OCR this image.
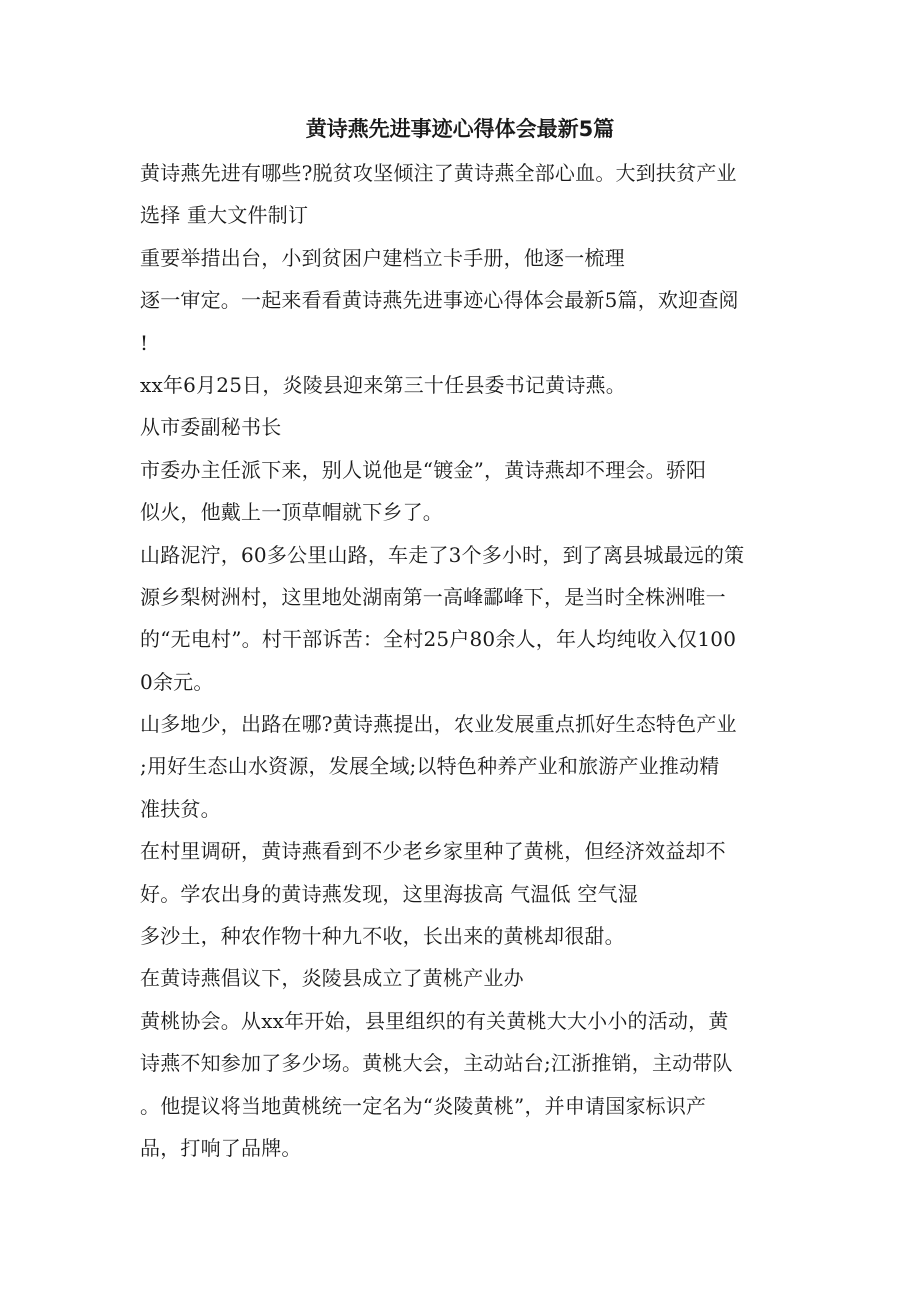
黄诗燕先进事迹心得体会最新5篇
黄诗燕先进有哪些?脱贫攻坚倾注了黄诗燕全部心血。大到扶贫产业
选择 重大文件制订
重要举措出台，小到贫困户建档立卡手册，他逐一梳理
逐一审定。一起来看看黄诗燕先进事迹心得体会最新5篇，欢迎查阅
!
xx年6月25日，炎陵县迎来第三十任县委书记黄诗燕。
从市委副秘书长
市委办主任派下来，别人说他是“镀金”，黄诗燕却不理会。骄阳
似火，他戴上一顶草帽就下乡了。
山路泥泞，60多公里山路，车走了3个多小时，到了离县城最远的策
源乡梨树洲村，这里地处湖南第一高峰酃峰下，是当时全株洲唯一
的“无电村”。村干部诉苦：全村25户80余人，年人均纯收入仅100
0余元。
山多地少，出路在哪?黄诗燕提出，农业发展重点抓好生态特色产业
;用好生态山水资源，发展全域;以特色种养产业和旅游产业推动精
准扶贫。
在村里调研，黄诗燕看到不少老乡家里种了黄桃，但经济效益却不
好。学农出身的黄诗燕发现，这里海拔高 气温低 空气湿
多沙土，种农作物十种九不收，长出来的黄桃却很甜。
在黄诗燕倡议下，炎陵县成立了黄桃产业办
黄桃协会。从xx年开始，县里组织的有关黄桃大大小小的活动，黄
诗燕不知参加了多少场。黄桃大会，主动站台;江浙推销，主动带队
。他提议将当地黄桃统一定名为“炎陵黄桃”，并申请国家标识产
品，打响了品牌。
